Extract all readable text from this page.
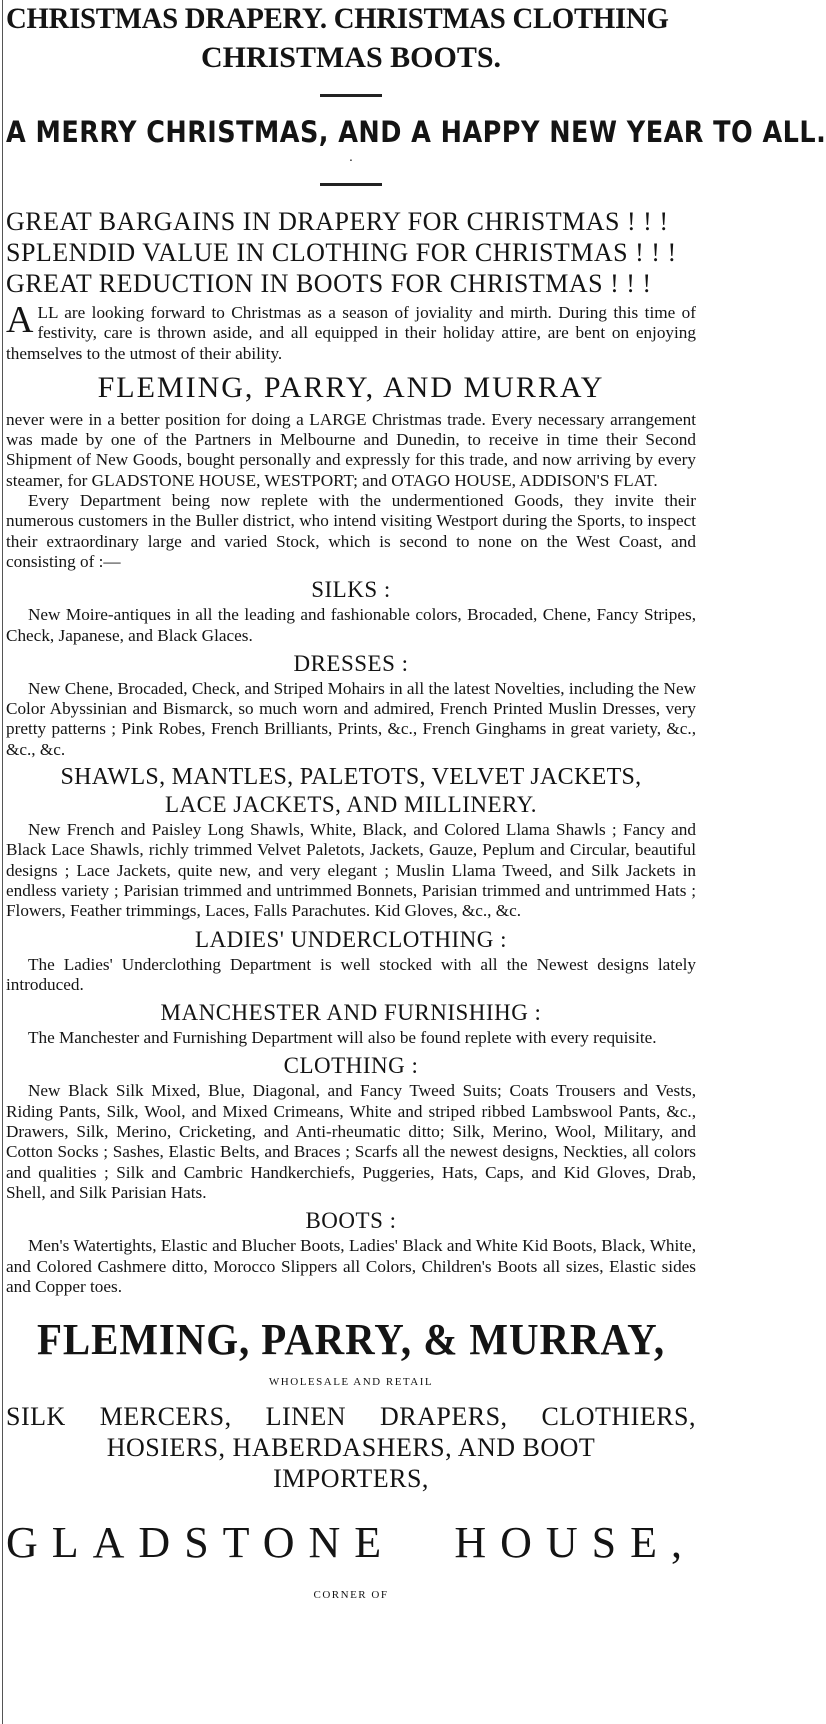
CHRISTMAS DRAPERY. CHRISTMAS CLOTHING

CHRISTMAS BOOTS.

A MERRY CHRISTMAS, AND A HAPPY NEW YEAR TO ALL.

·

GREAT BARGAINS IN DRAPERY FOR CHRISTMAS ! ! !

SPLENDID VALUE IN CLOTHING FOR CHRISTMAS ! ! !

GREAT REDUCTION IN BOOTS FOR CHRISTMAS ! ! !

A LL are looking forward to Christmas as a season of joviality and mirth. During this time of festivity, care is thrown aside, and all equipped in their holiday attire, are bent on enjoying themselves to the utmost of their ability.

FLEMING, PARRY, AND MURRAY

never were in a better position for doing a LARGE Christmas trade. Every necessary arrangement was made by one of the Partners in Melbourne and Dunedin, to receive in time their Second Shipment of New Goods, bought personally and expressly for this trade, and now arriving by every steamer, for GLADSTONE HOUSE, WESTPORT; and OTAGO HOUSE, ADDISON'S FLAT.

Every Department being now replete with the undermentioned Goods, they invite their numerous customers in the Buller district, who intend visiting Westport during the Sports, to inspect their extraordinary large and varied Stock, which is second to none on the West Coast, and consisting of :—

SILKS :

New Moire-antiques in all the leading and fashionable colors, Brocaded, Chene, Fancy Stripes, Check, Japanese, and Black Glaces.

DRESSES :

New Chene, Brocaded, Check, and Striped Mohairs in all the latest Novelties, including the New Color Abyssinian and Bismarck, so much worn and admired, French Printed Muslin Dresses, very pretty patterns ; Pink Robes, French Brilliants, Prints, &c., French Ginghams in great variety, &c., &c., &c.

SHAWLS, MANTLES, PALETOTS, VELVET JACKETS,

LACE JACKETS, AND MILLINERY.

New French and Paisley Long Shawls, White, Black, and Colored Llama Shawls ; Fancy and Black Lace Shawls, richly trimmed Velvet Paletots, Jackets, Gauze, Peplum and Circular, beautiful designs ; Lace Jackets, quite new, and very elegant ; Muslin Llama Tweed, and Silk Jackets in endless variety ; Parisian trimmed and untrimmed Bonnets, Parisian trimmed and untrimmed Hats ; Flowers, Feather trimmings, Laces, Falls Parachutes. Kid Gloves, &c., &c.

LADIES' UNDERCLOTHING :

The Ladies' Underclothing Department is well stocked with all the Newest designs lately introduced.

MANCHESTER AND FURNISHIHG :

The Manchester and Furnishing Department will also be found replete with every requisite.

CLOTHING :

New Black Silk Mixed, Blue, Diagonal, and Fancy Tweed Suits; Coats Trousers and Vests, Riding Pants, Silk, Wool, and Mixed Crimeans, White and striped ribbed Lambswool Pants, &c., Drawers, Silk, Merino, Cricketing, and Anti-rheumatic ditto; Silk, Merino, Wool, Military, and Cotton Socks ; Sashes, Elastic Belts, and Braces ; Scarfs all the newest designs, Neckties, all colors and qualities ; Silk and Cambric Handkerchiefs, Puggeries, Hats, Caps, and Kid Gloves, Drab, Shell, and Silk Parisian Hats.

BOOTS :

Men's Watertights, Elastic and Blucher Boots, Ladies' Black and White Kid Boots, Black, White, and Colored Cashmere ditto, Morocco Slippers all Colors, Children's Boots all sizes, Elastic sides and Copper toes.

FLEMING, PARRY, & MURRAY,

WHOLESALE AND RETAIL

SILK MERCERS, LINEN DRAPERS, CLOTHIERS,

HOSIERS, HABERDASHERS, AND BOOT

IMPORTERS,

GLADSTONE HOUSE,

CORNER OF
